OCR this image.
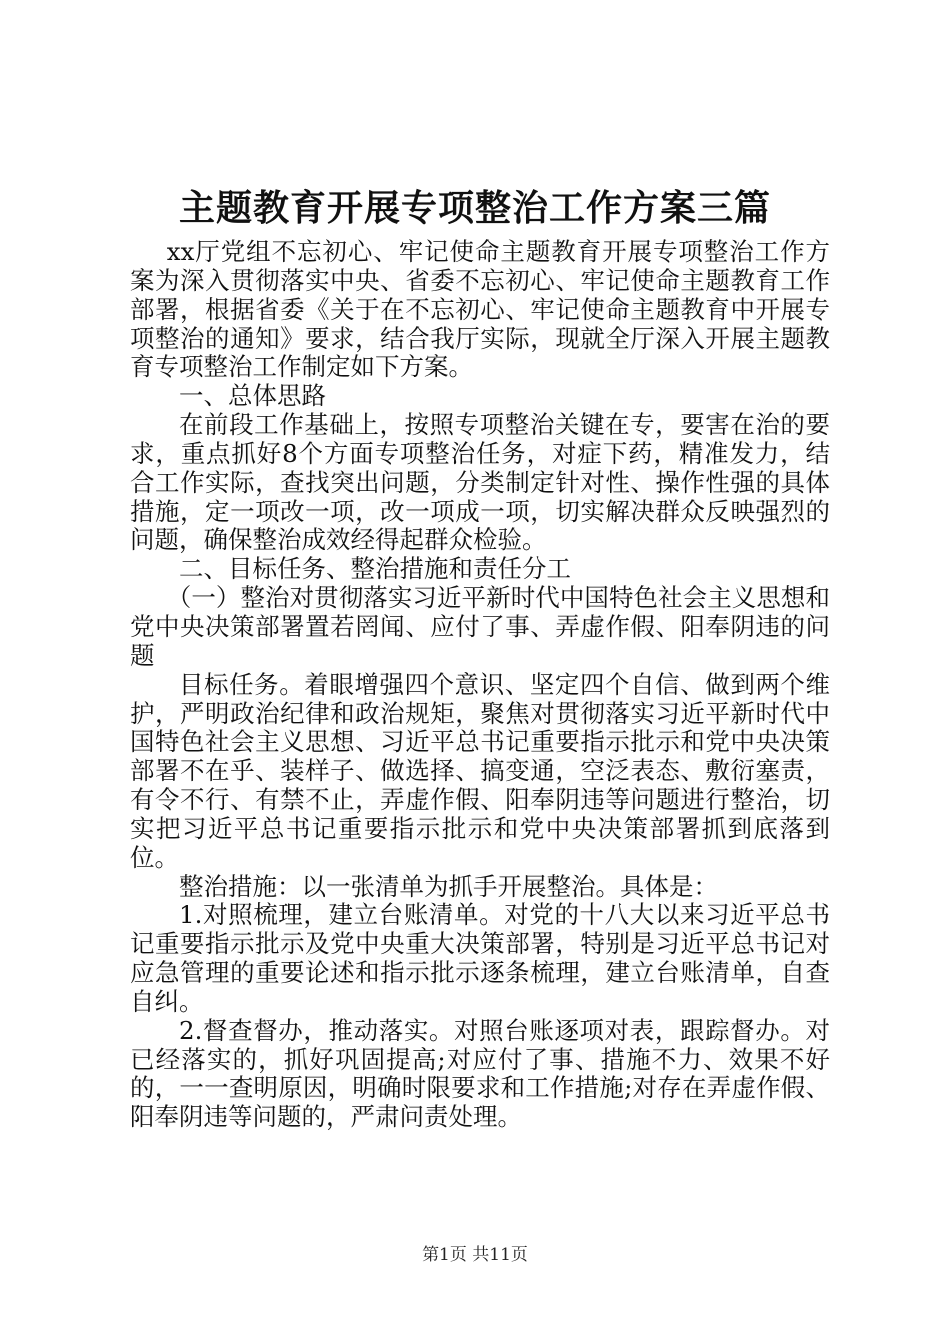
主题教育开展专项整治工作方案三篇

xx厅党组不忘初心、牢记使命主题教育开展专项整治工作方案为深入贯彻落实中央、省委不忘初心、牢记使命主题教育工作部署，根据省委《关于在不忘初心、牢记使命主题教育中开展专项整治的通知》要求，结合我厅实际，现就全厅深入开展主题教育专项整治工作制定如下方案。

一、总体思路

在前段工作基础上，按照专项整治关键在专，要害在治的要求，重点抓好8个方面专项整治任务，对症下药，精准发力，结合工作实际，查找突出问题，分类制定针对性、操作性强的具体措施，定一项改一项，改一项成一项，切实解决群众反映强烈的问题，确保整治成效经得起群众检验。

二、目标任务、整治措施和责任分工

（一）整治对贯彻落实习近平新时代中国特色社会主义思想和党中央决策部署置若罔闻、应付了事、弄虚作假、阳奉阴违的问题

目标任务。着眼增强四个意识、坚定四个自信、做到两个维护，严明政治纪律和政治规矩，聚焦对贯彻落实习近平新时代中国特色社会主义思想、习近平总书记重要指示批示和党中央决策部署不在乎、装样子、做选择、搞变通，空泛表态、敷衍塞责，有令不行、有禁不止，弄虚作假、阳奉阴违等问题进行整治，切实把习近平总书记重要指示批示和党中央决策部署抓到底落到位。

整治措施：以一张清单为抓手开展整治。具体是：

1.对照梳理，建立台账清单。对党的十八大以来习近平总书记重要指示批示及党中央重大决策部署，特别是习近平总书记对应急管理的重要论述和指示批示逐条梳理，建立台账清单，自查自纠。

2.督查督办，推动落实。对照台账逐项对表，跟踪督办。对已经落实的，抓好巩固提高;对应付了事、措施不力、效果不好的，一一查明原因，明确时限要求和工作措施;对存在弄虚作假、阳奉阴违等问题的，严肃问责处理。

第1页 共11页
